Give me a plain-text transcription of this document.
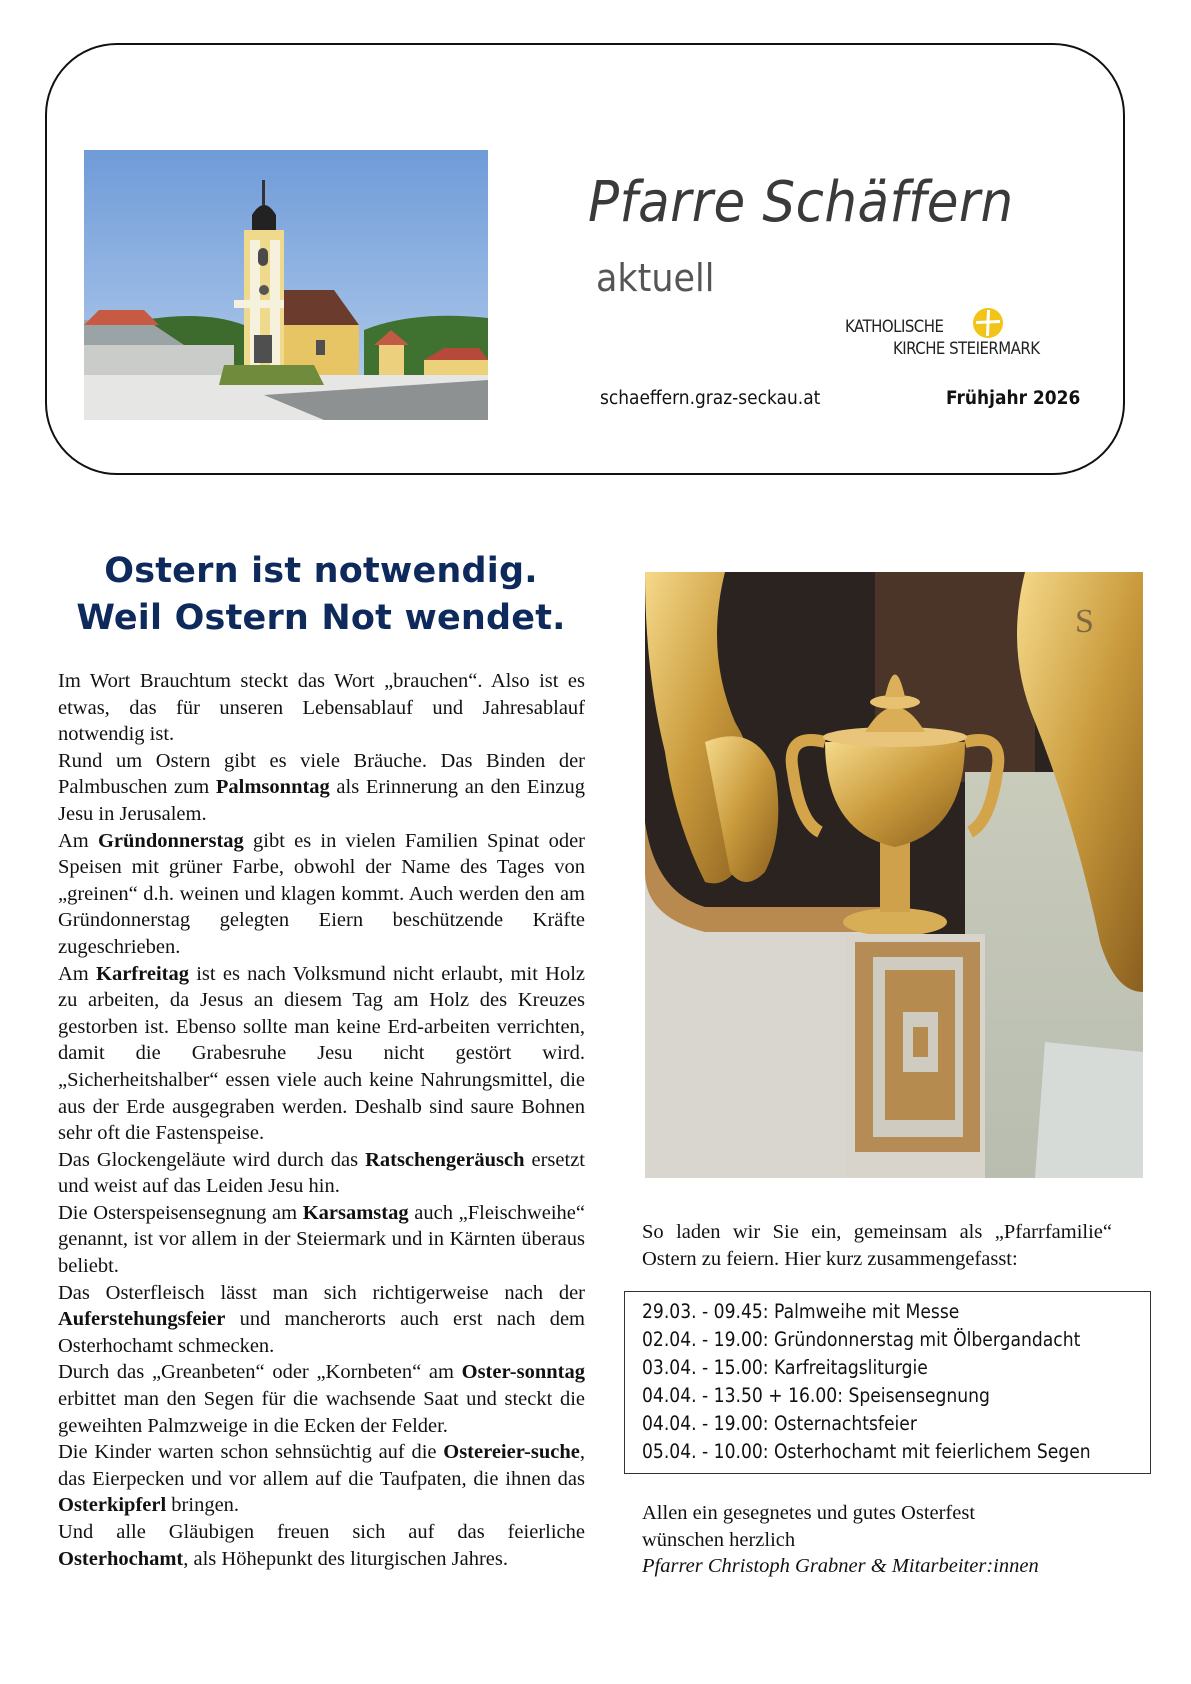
Pfarre Schäffern
aktuell
KATHOLISCHE
KIRCHE STEIERMARK
schaeffern.graz-seckau.at	Frühjahr 2026
Ostern ist notwendig.
Weil Ostern Not wendet.

Im Wort Brauchtum steckt das Wort „brauchen“. Also ist es etwas, das für unseren Lebensablauf und Jahresablauf notwendig ist.

Rund um Ostern gibt es viele Bräuche. Das Binden der Palmbuschen zum Palmsonntag als Erinnerung an den Einzug Jesu in Jerusalem.

Am Gründonnerstag gibt es in vielen Familien Spinat oder Speisen mit grüner Farbe, obwohl der Name des Tages von „greinen“ d.h. weinen und klagen kommt. Auch werden den am Gründonnerstag gelegten Eiern beschützende Kräfte zugeschrieben.

Am Karfreitag ist es nach Volksmund nicht erlaubt, mit Holz zu arbeiten, da Jesus an diesem Tag am Holz des Kreuzes gestorben ist. Ebenso sollte man keine Erd-arbeiten verrichten, damit die Grabesruhe Jesu nicht gestört wird. „Sicherheitshalber“ essen viele auch keine Nahrungsmittel, die aus der Erde ausgegraben werden. Deshalb sind saure Bohnen sehr oft die Fastenspeise.

Das Glockengeläute wird durch das Ratschengeräusch ersetzt und weist auf das Leiden Jesu hin.

Die Osterspeisensegnung am Karsamstag auch „Fleischweihe“ genannt, ist vor allem in der Steiermark und in Kärnten überaus beliebt.

Das Osterfleisch lässt man sich richtigerweise nach der Auferstehungsfeier und mancherorts auch erst nach dem Osterhochamt schmecken.

Durch das „Greanbeten“ oder „Kornbeten“ am Oster-sonntag erbittet man den Segen für die wachsende Saat und steckt die geweihten Palmzweige in die Ecken der Felder.

Die Kinder warten schon sehnsüchtig auf die Ostereier-suche, das Eierpecken und vor allem auf die Taufpaten, die ihnen das Osterkipferl bringen.

Und alle Gläubigen freuen sich auf das feierliche Osterhochamt, als Höhepunkt des liturgischen Jahres.

S
So laden wir Sie ein, gemeinsam als „Pfarrfamilie“ Ostern zu feiern. Hier kurz zusammengefasst:
29.03. - 09.45: Palmweihe mit Messe
02.04. - 19.00: Gründonnerstag mit Ölbergandacht
03.04. - 15.00: Karfreitagsliturgie
04.04. - 13.50 + 16.00: Speisensegnung
04.04. - 19.00: Osternachtsfeier
05.04. - 10.00: Osterhochamt mit feierlichem Segen
Allen ein gesegnetes und gutes Osterfest
wünschen herzlich
Pfarrer Christoph Grabner & Mitarbeiter:innen
